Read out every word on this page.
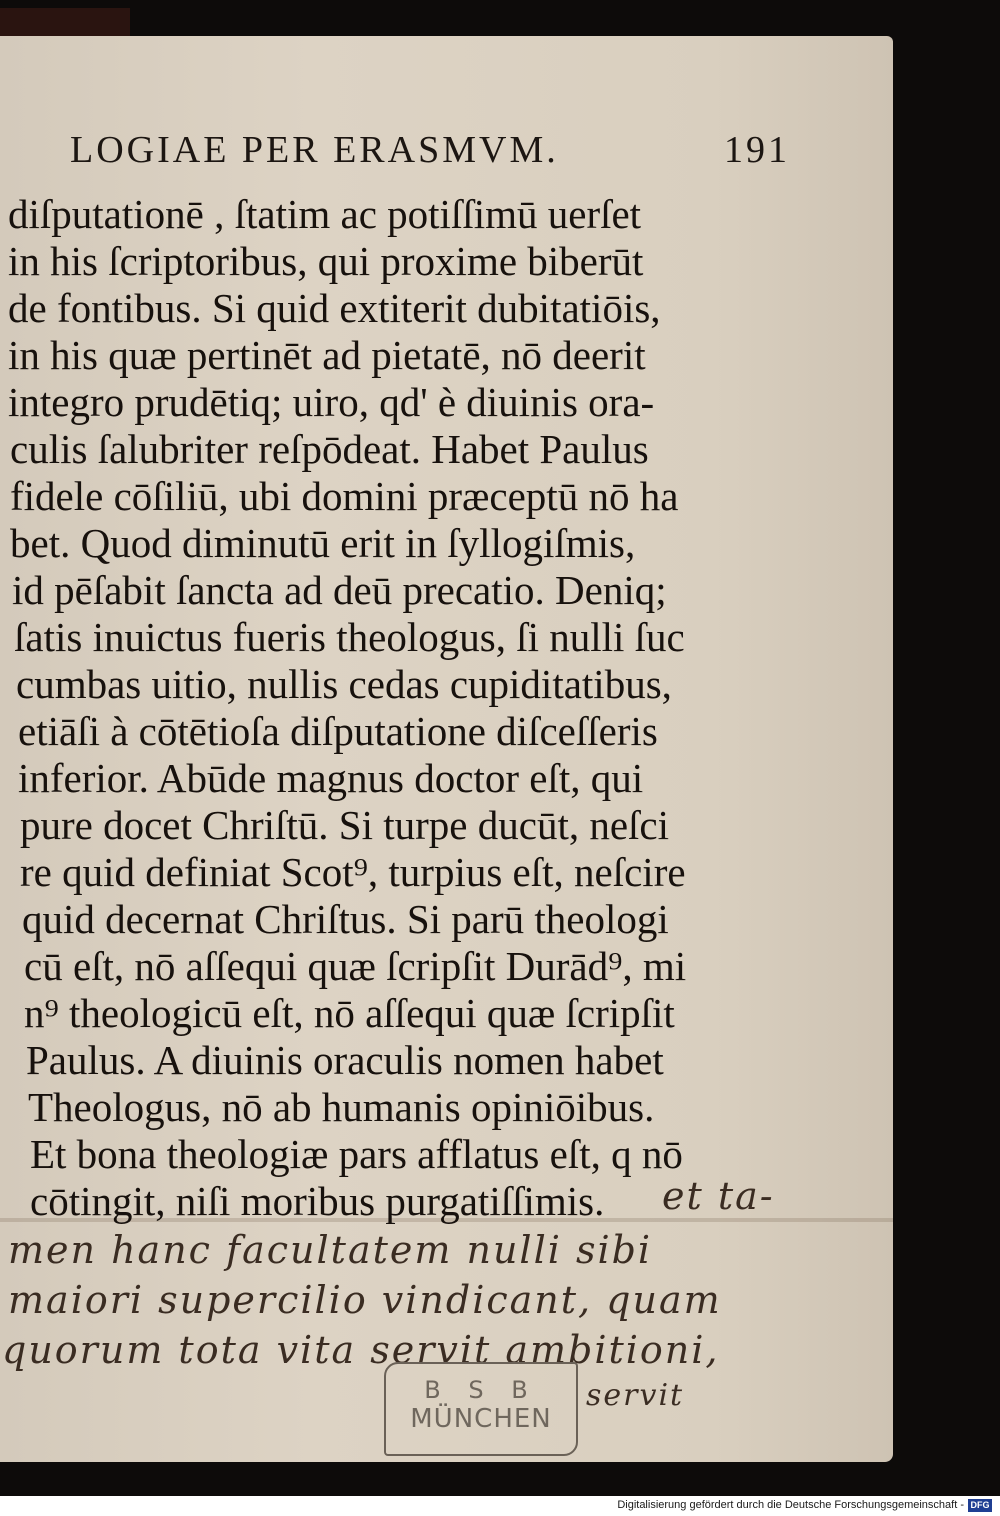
LOGIAE PER ERASMVM.	191
diſputationē , ſtatim ac potiſſimū uerſet
in his ſcriptoribus, qui proxime biberūt
de fontibus. Si quid extiterit dubitatiōis,
in his quæ pertinēt ad pietatē, nō deerit
integro prudētiq; uiro, qd' è diuinis ora-
culis ſalubriter reſpōdeat. Habet Paulus
fidele cōſiliū, ubi domini præceptū nō ha
bet. Quod diminutū erit in ſyllogiſmis,
id pēſabit ſancta ad deū precatio. Deniq;
ſatis inuictus fueris theologus, ſi nulli ſuc
cumbas uitio, nullis cedas cupiditatibus,
etiāſi à cōtētioſa diſputatione diſceſſeris
inferior. Abūde magnus doctor eſt, qui
pure docet Chriſtū. Si turpe ducūt, neſci
re quid definiat Scot⁹, turpius eſt, neſcire
quid decernat Chriſtus. Si parū theologi
cū eſt, nō aſſequi quæ ſcripſit Durād⁹, mi
n⁹ theologicū eſt, nō aſſequi quæ ſcripſit
Paulus. A diuinis oraculis nomen habet
Theologus, nō ab humanis opiniōibus.
Et bona theologiæ pars afflatus eſt, q nō
cōtingit, niſi moribus purgatiſſimis. et ta-
men hanc facultatem nulli sibi
maiori supercilio vindicant, quam
quorum tota vita servit ambitioni,
servit
B S B
MÜNCHEN
Digitalisierung gefördert durch die Deutsche Forschungsgemeinschaft - DFG
